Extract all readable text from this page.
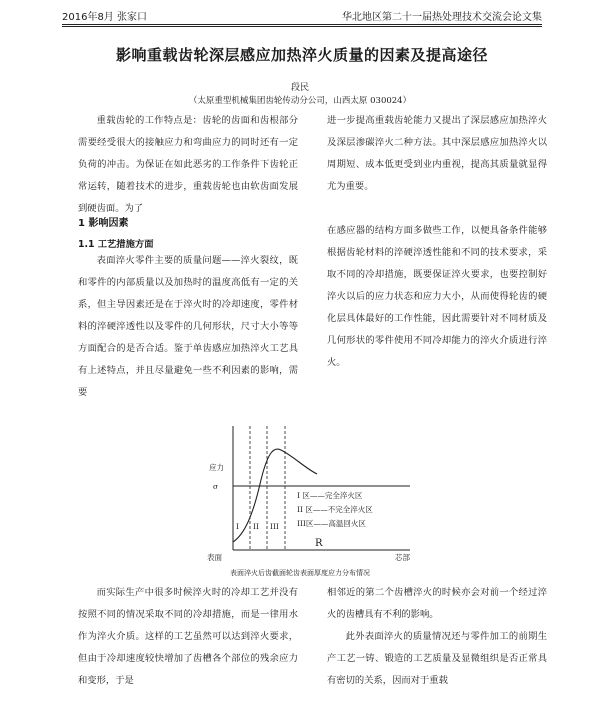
2016年8月 张家口	华北地区第二十一届热处理技术交流会论文集
影响重载齿轮深层感应加热淬火质量的因素及提高途径
段民
（太原重型机械集团齿轮传动分公司，山西太原 030024）

重载齿轮的工作特点是：齿轮的齿面和齿根部分需要经受很大的接触应力和弯曲应力的同时还有一定负荷的冲击。为保证在如此恶劣的工作条件下齿轮正常运转，随着技术的进步，重载齿轮也由软齿面发展到硬齿面。为了

进一步提高重载齿轮能力又提出了深层感应加热淬火及深层渗碳淬火二种方法。其中深层感应加热淬火以周期短、成本低更受到业内重视，提高其质量就显得尤为重要。

1 影响因素
1.1 工艺措施方面

表面淬火零件主要的质量问题——淬火裂纹，既和零件的内部质量以及加热时的温度高低有一定的关系，但主导因素还是在于淬火时的冷却速度，零件材料的淬硬淬透性以及零件的几何形状，尺寸大小等等方面配合的是否合适。鉴于单齿感应加热淬火工艺具有上述特点，并且尽量避免一些不利因素的影响，需要

在感应器的结构方面多做些工作，以便具备条件能够根据齿轮材料的淬硬淬透性能和不同的技术要求，采取不同的冷却措施，既要保证淬火要求，也要控制好淬火以后的应力状态和应力大小，从而使得轮齿的硬化层具体最好的工作性能，因此需要针对不同材质及几何形状的零件使用不同冷却能力的淬火介质进行淬火。

应力
σ
I II III
I 区——完全淬火区
II 区——不完全淬火区
III区——高温回火区
表面
R
芯部
表面淬火后齿截面轮齿表面厚度应力分布情况

而实际生产中很多时候淬火时的冷却工艺并没有按照不同的情况采取不同的冷却措施，而是一律用水作为淬火介质。这样的工艺虽然可以达到淬火要求，但由于冷却速度较快增加了齿槽各个部位的残余应力和变形，于是

相邻近的第二个齿槽淬火的时候亦会对前一个经过淬火的齿槽具有不利的影响。

此外表面淬火的质量情况还与零件加工的前期生产工艺一铸、锻造的工艺质量及显微组织是否正常具有密切的关系，因而对于重载
